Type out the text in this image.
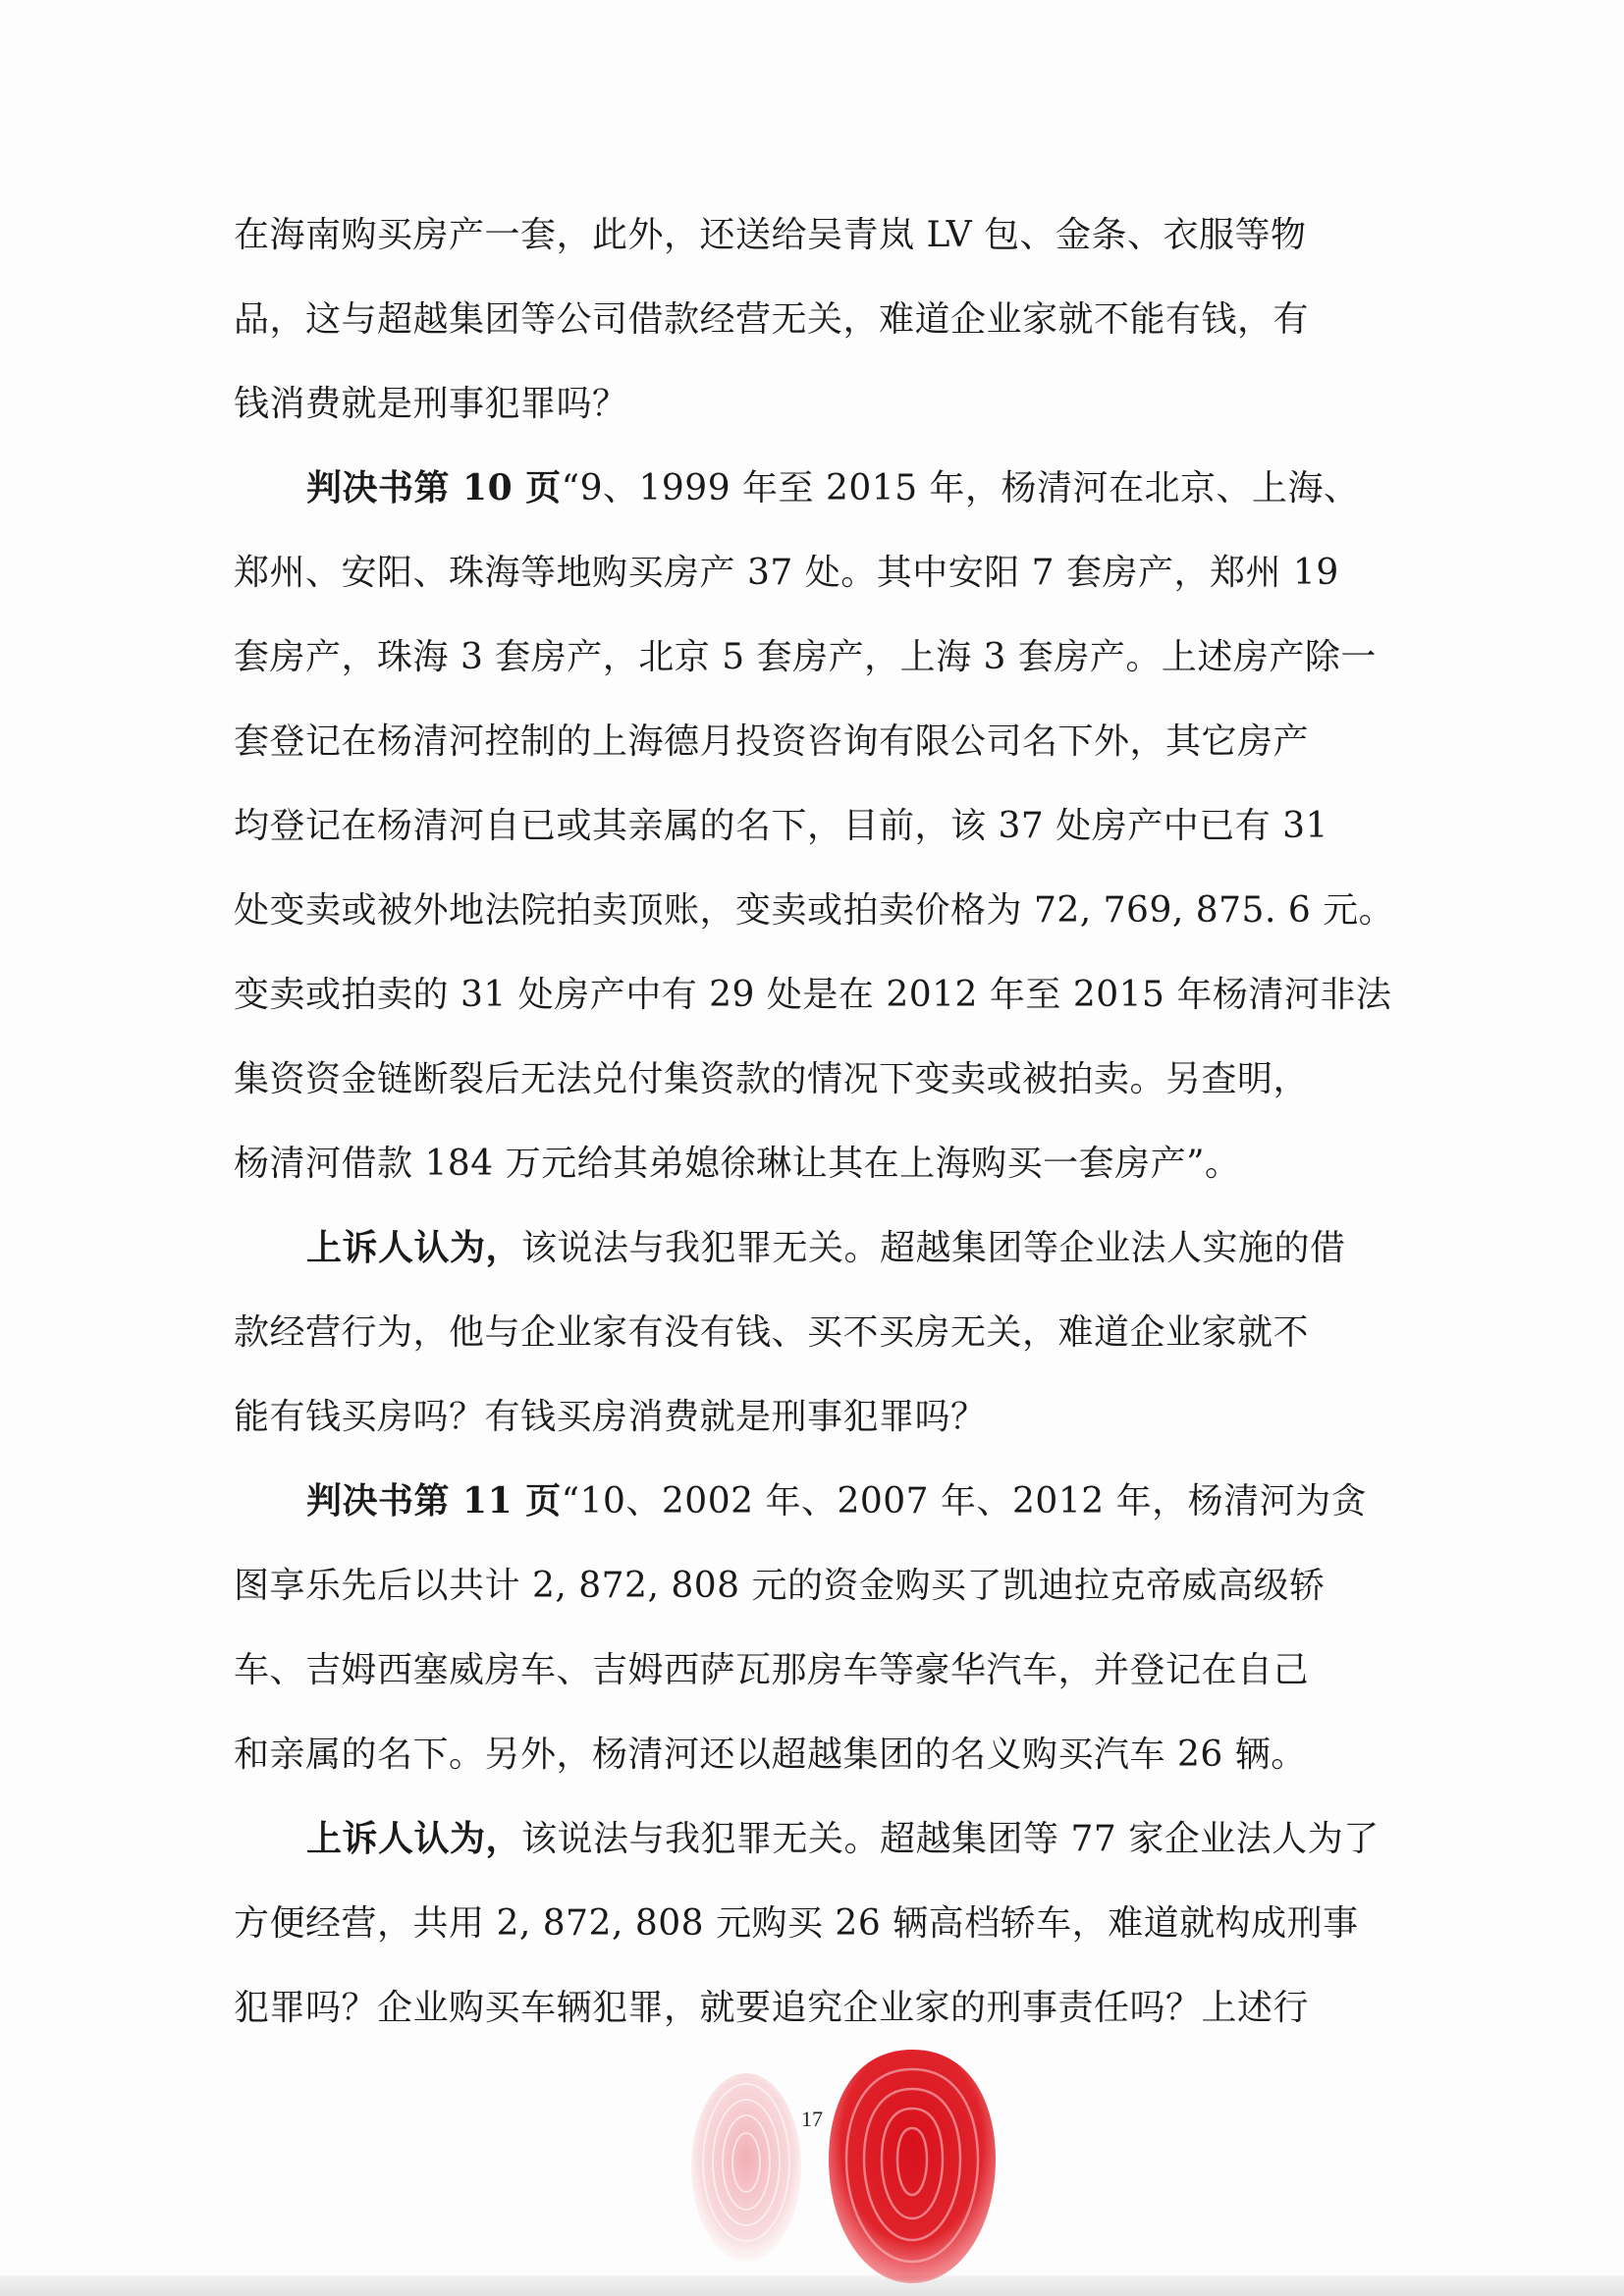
在海南购买房产一套，此外，还送给吴青岚 LV 包、金条、衣服等物
品，这与超越集团等公司借款经营无关，难道企业家就不能有钱，有
钱消费就是刑事犯罪吗？
判决书第 10 页“9、1999 年至 2015 年，杨清河在北京、上海、
郑州、安阳、珠海等地购买房产 37 处。其中安阳 7 套房产，郑州 19
套房产，珠海 3 套房产，北京 5 套房产，上海 3 套房产。上述房产除一
套登记在杨清河控制的上海德月投资咨询有限公司名下外，其它房产
均登记在杨清河自已或其亲属的名下，目前，该 37 处房产中已有 31
处变卖或被外地法院拍卖顶账，变卖或拍卖价格为 72, 769, 875. 6 元。
变卖或拍卖的 31 处房产中有 29 处是在 2012 年至 2015 年杨清河非法
集资资金链断裂后无法兑付集资款的情况下变卖或被拍卖。另查明，
杨清河借款 184 万元给其弟媳徐琳让其在上海购买一套房产”。
上诉人认为，该说法与我犯罪无关。超越集团等企业法人实施的借
款经营行为，他与企业家有没有钱、买不买房无关，难道企业家就不
能有钱买房吗？有钱买房消费就是刑事犯罪吗？
判决书第 11 页“10、2002 年、2007 年、2012 年，杨清河为贪
图享乐先后以共计 2, 872, 808 元的资金购买了凯迪拉克帝威高级轿
车、吉姆西塞威房车、吉姆西萨瓦那房车等豪华汽车，并登记在自己
和亲属的名下。另外，杨清河还以超越集团的名义购买汽车 26 辆。
上诉人认为，该说法与我犯罪无关。超越集团等 77 家企业法人为了
方便经营，共用 2, 872, 808 元购买 26 辆高档轿车，难道就构成刑事
犯罪吗？企业购买车辆犯罪，就要追究企业家的刑事责任吗？上述行
17
